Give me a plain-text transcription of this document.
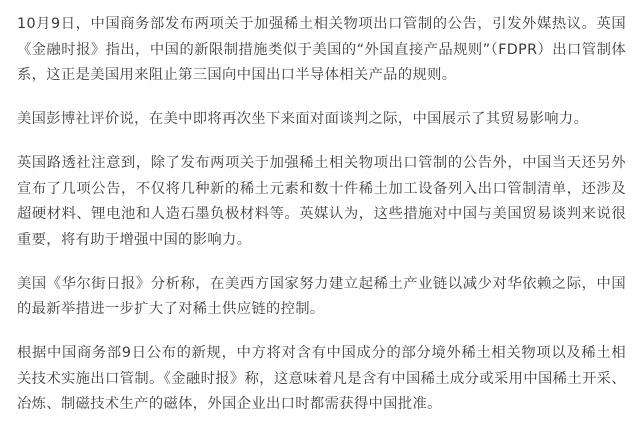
10月9日，中国商务部发布两项关于加强稀土相关物项出口管制的公告，引发外媒热议。英国《金融时报》指出，中国的新限制措施类似于美国的“外国直接产品规则”（FDPR）出口管制体系，这正是美国用来阻止第三国向中国出口半导体相关产品的规则。

美国彭博社评价说，在美中即将再次坐下来面对面谈判之际，中国展示了其贸易影响力。

英国路透社注意到，除了发布两项关于加强稀土相关物项出口管制的公告外，中国当天还另外宣布了几项公告，不仅将几种新的稀土元素和数十件稀土加工设备列入出口管制清单，还涉及超硬材料、锂电池和人造石墨负极材料等。英媒认为，这些措施对中国与美国贸易谈判来说很重要，将有助于增强中国的影响力。

美国《华尔街日报》分析称，在美西方国家努力建立起稀土产业链以减少对华依赖之际，中国的最新举措进一步扩大了对稀土供应链的控制。

根据中国商务部9日公布的新规，中方将对含有中国成分的部分境外稀土相关物项以及稀土相关技术实施出口管制。《金融时报》称，这意味着凡是含有中国稀土成分或采用中国稀土开采、冶炼、制磁技术生产的磁体，外国企业出口时都需获得中国批准。
